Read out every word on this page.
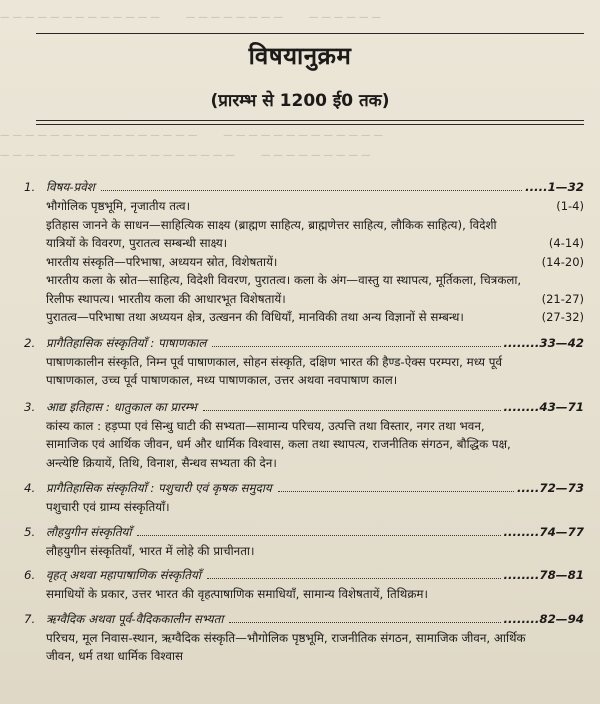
— — — — — — — — — — — — —	— — — — — — — —	— — — — — —
— — — — — — — — — — — — — — — —	— — — — — — — — — — — — —
— — — — — — — — — — — — — — — — — — —	— — — — — — — — —
विषयानुक्रम
(प्रारम्भ से 1200 ई0 तक)
1. विषय-प्रवेश	.....1—32
भौगोलिक पृष्ठभूमि, नृजातीय तत्व।	(1-4)
इतिहास जानने के साधन—साहित्यिक साक्ष्य (ब्राह्मण साहित्य, ब्राह्मणेत्तर साहित्य, लौकिक साहित्य), विदेशी यात्रियों के विवरण, पुरातत्व सम्बन्धी साक्ष्य।	(4-14)
भारतीय संस्कृति—परिभाषा, अध्ययन स्रोत, विशेषतायें।	(14-20)
भारतीय कला के स्रोत—साहित्य, विदेशी विवरण, पुरातत्व। कला के अंग—वास्तु या स्थापत्य, मूर्तिकला, चित्रकला, रिलीफ स्थापत्य। भारतीय कला की आधारभूत विशेषतायें।	(21-27)
पुरातत्व—परिभाषा तथा अध्ययन क्षेत्र, उत्खनन की विधियाँ, मानविकी तथा अन्य विज्ञानों से सम्बन्ध।	(27-32)
2. प्रागैतिहासिक संस्कृतियाँ : पाषाणकाल	........33—42
पाषाणकालीन संस्कृति, निम्न पूर्व पाषाणकाल, सोहन संस्कृति, दक्षिण भारत की हैण्ड-ऐक्स परम्परा, मध्य पूर्व पाषाणकाल, उच्च पूर्व पाषाणकाल, मध्य पाषाणकाल, उत्तर अथवा नवपाषाण काल।
3. आद्य इतिहास : धातुकाल का प्रारम्भ	........43—71
कांस्य काल : हड़प्पा एवं सिन्धु घाटी की सभ्यता—सामान्य परिचय, उत्पत्ति तथा विस्तार, नगर तथा भवन, सामाजिक एवं आर्थिक जीवन, धर्म और धार्मिक विश्वास, कला तथा स्थापत्य, राजनीतिक संगठन, बौद्धिक पक्ष, अन्त्येष्टि क्रियायें, तिथि, विनाश, सैन्धव सभ्यता की देन।
4. प्रागैतिहासिक संस्कृतियाँ : पशुचारी एवं कृषक समुदाय	.....72—73
पशुचारी एवं ग्राम्य संस्कृतियाँ।
5. लौहयुगीन संस्कृतियाँ	........74—77
लौहयुगीन संस्कृतियाँ, भारत में लोहे की प्राचीनता।
6. वृहत् अथवा महापाषाणिक संस्कृतियाँ	........78—81
समाधियों के प्रकार, उत्तर भारत की वृहत्पाषाणिक समाधियाँ, सामान्य विशेषतायें, तिथिक्रम।
7. ऋग्वैदिक अथवा पूर्व-वैदिककालीन सभ्यता	........82—94
परिचय, मूल निवास-स्थान, ऋग्वैदिक संस्कृति—भौगोलिक पृष्ठभूमि, राजनीतिक संगठन, सामाजिक जीवन, आर्थिक जीवन, धर्म तथा धार्मिक विश्वास
